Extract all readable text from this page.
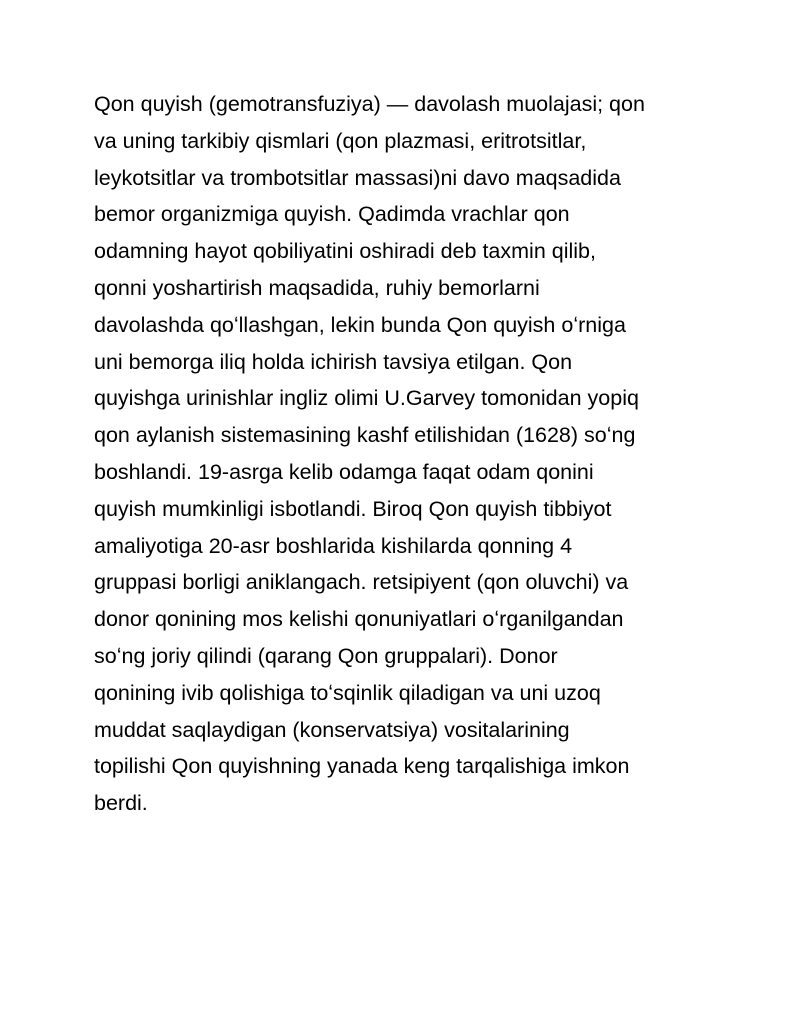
Qon quyish (gemotransfuziya) — davolash muolajasi; qon
va uning tarkibiy qismlari (qon plazmasi, eritrotsitlar,
leykotsitlar va trombotsitlar massasi)ni davo maqsadida
bemor organizmiga quyish. Qadimda vrachlar qon
odamning hayot qobiliyatini oshiradi deb taxmin qilib,
qonni yoshartirish maqsadida, ruhiy bemorlarni
davolashda qoʻllashgan, lekin bunda Qon quyish oʻrniga
uni bemorga iliq holda ichirish tavsiya etilgan. Qon
quyishga urinishlar ingliz olimi U.Garvey tomonidan yopiq
qon aylanish sistemasining kashf etilishidan (1628) soʻng
boshlandi. 19-asrga kelib odamga faqat odam qonini
quyish mumkinligi isbotlandi. Biroq Qon quyish tibbiyot
amaliyotiga 20-asr boshlarida kishilarda qonning 4
gruppasi borligi aniklangach. retsipiyent (qon oluvchi) va
donor qonining mos kelishi qonuniyatlari oʻrganilgandan
soʻng joriy qilindi (qarang Qon gruppalari). Donor
qonining ivib qolishiga toʻsqinlik qiladigan va uni uzoq
muddat saqlaydigan (konservatsiya) vositalarining
topilishi Qon quyishning yanada keng tarqalishiga imkon
berdi.
